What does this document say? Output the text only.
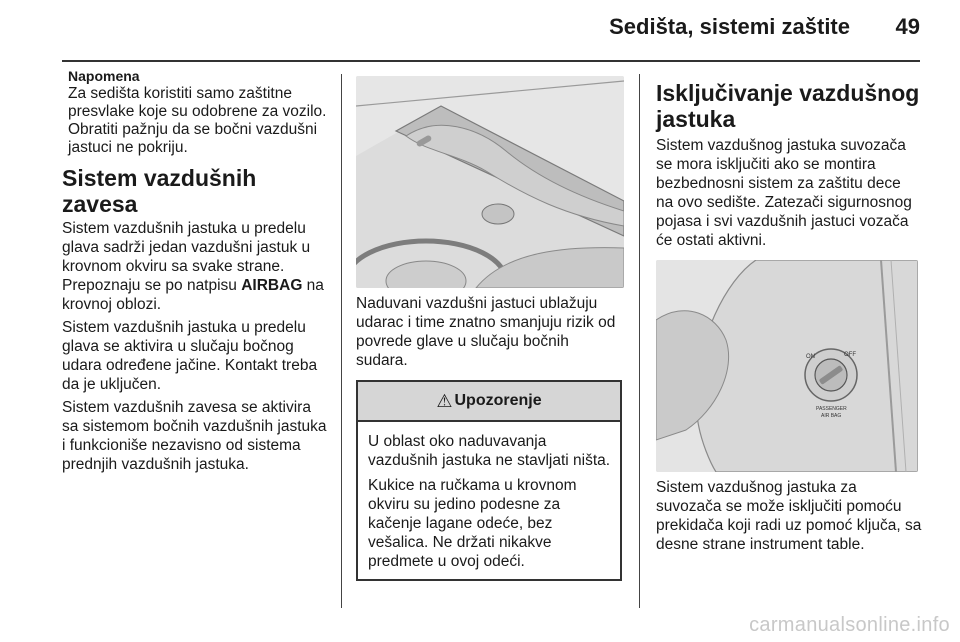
Sedišta, sistemi zaštite	49

Napomena

Za sedišta koristiti samo zaštitne presvlake koje su odobrene za vozilo. Obratiti pažnju da se bočni vazdušni jastuci ne pokriju.

Sistem vazdušnih zavesa

Sistem vazdušnih jastuka u predelu glava sadrži jedan vazdušni jastuk u krovnom okviru sa svake strane. Prepoznaju se po natpisu AIRBAG na krovnoj oblozi.

Sistem vazdušnih jastuka u predelu glava se aktivira u slučaju bočnog udara određene jačine. Kontakt treba da je uključen.

Sistem vazdušnih zavesa se aktivira sa sistemom bočnih vazdušnih jastuka i funkcioniše nezavisno od sistema prednjih vazdušnih jastuka.

Naduvani vazdušni jastuci ublažuju udarac i time znatno smanjuju rizik od povrede glave u slučaju bočnih sudara.

⚠ Upozorenje

U oblast oko naduvavanja vazdušnih jastuka ne stavljati ništa.

Kukice na ručkama u krovnom okviru su jedino podesne za kačenje lagane odeće, bez vešalica. Ne držati nikakve predmete u ovoj odeći.

Isključivanje vazdušnog jastuka

Sistem vazdušnog jastuka suvozača se mora isključiti ako se montira bezbednosni sistem za zaštitu dece na ovo sedište. Zatezači sigurnosnog pojasa i svi vazdušnih jastuci vozača će ostati aktivni.

ON	OFF
PASSENGER
AIR BAG

Sistem vazdušnog jastuka za suvozača se može isključiti pomoću prekidača koji radi uz pomoć ključa, sa desne strane instrument table.

carmanualsonline.info
